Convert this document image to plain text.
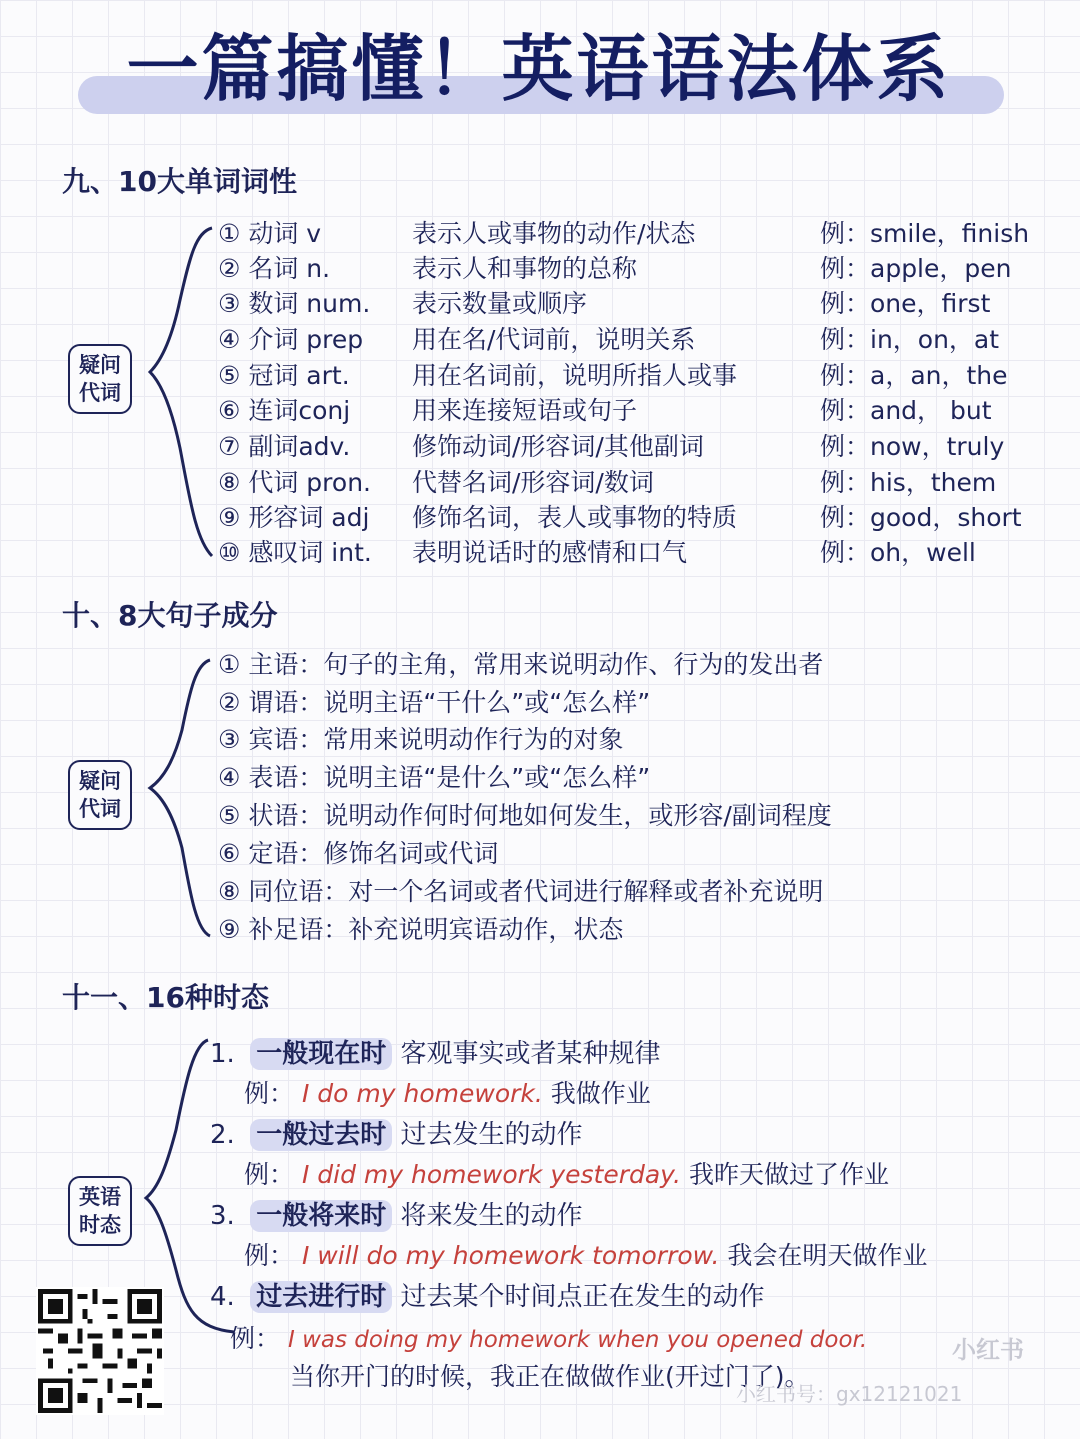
一篇搞懂！英语语法体系
九、10大单词词性
疑问
代词
① 动词 v	表示人或事物的动作/状态	例：smile，finish
② 名词 n.	表示人和事物的总称	例：apple，pen
③ 数词 num. 表示数量或顺序	例：one，first
④ 介词 prep 用在名/代词前，说明关系	例：in，on，at
⑤ 冠词 art. 用在名词前，说明所指人或事	例：a，an，the
⑥ 连词conj 用来连接短语或句子	例：and， but
⑦ 副词adv. 修饰动词/形容词/其他副词	例：now，truly
⑧ 代词 pron. 代替名词/形容词/数词	例：his，them
⑨ 形容词 adj 修饰名词，表人或事物的特质	例：good，short
⑩ 感叹词 int. 表明说话时的感情和口气	例：oh，well
十、8大句子成分
疑问
代词
① 主语：句子的主角，常用来说明动作、行为的发出者
② 谓语：说明主语“干什么”或“怎么样”
③ 宾语：常用来说明动作行为的对象
④ 表语：说明主语“是什么”或“怎么样”
⑤ 状语：说明动作何时何地如何发生，或形容/副词程度
⑥ 定语：修饰名词或代词
⑧ 同位语：对一个名词或者代词进行解释或者补充说明
⑨ 补足语：补充说明宾语动作，状态
十一、16种时态
英语
时态
1. 一般现在时 客观事实或者某种规律
例： I do my homework. 我做作业
2. 一般过去时 过去发生的动作
例： I did my homework yesterday. 我昨天做过了作业
3. 一般将来时 将来发生的动作
例： I will do my homework tomorrow. 我会在明天做作业
4. 过去进行时 过去某个时间点正在发生的动作
例： I was doing my homework when you opened door.
当你开门的时候，我正在做做作业(开过门了)。
小红书
小红书号：gx12121021
